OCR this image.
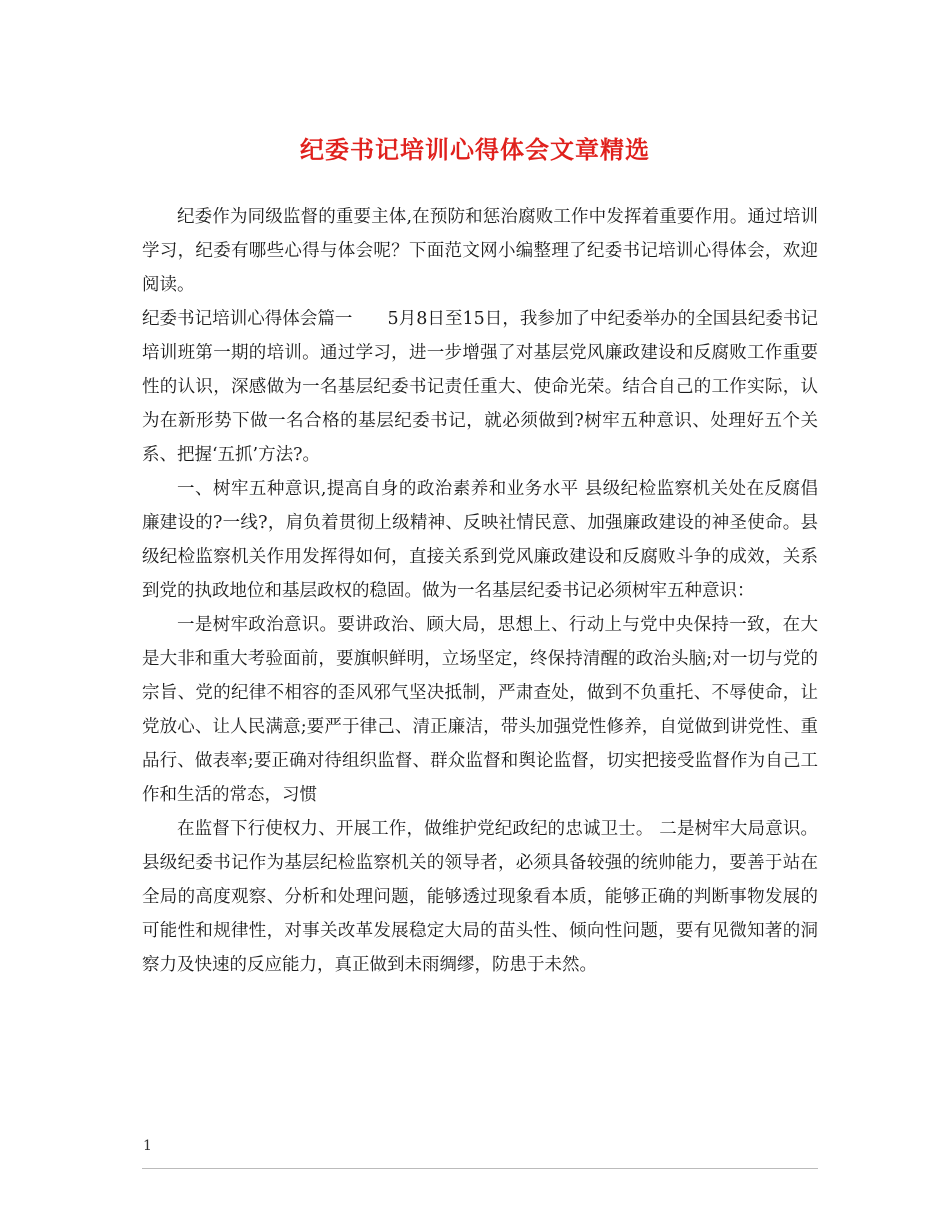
纪委书记培训心得体会文章精选

纪委作为同级监督的重要主体,在预防和惩治腐败工作中发挥着重要作用。通过培训学习，纪委有哪些心得与体会呢？下面范文网小编整理了纪委书记培训心得体会，欢迎阅读。

纪委书记培训心得体会篇一　　5月8日至15日，我参加了中纪委举办的全国县纪委书记培训班第一期的培训。通过学习，进一步增强了对基层党风廉政建设和反腐败工作重要性的认识，深感做为一名基层纪委书记责任重大、使命光荣。结合自己的工作实际，认为在新形势下做一名合格的基层纪委书记，就必须做到?树牢五种意识、处理好五个关系、把握‘五抓’方法?。

一、树牢五种意识,提高自身的政治素养和业务水平 县级纪检监察机关处在反腐倡廉建设的?一线?，肩负着贯彻上级精神、反映社情民意、加强廉政建设的神圣使命。县级纪检监察机关作用发挥得如何，直接关系到党风廉政建设和反腐败斗争的成效，关系到党的执政地位和基层政权的稳固。做为一名基层纪委书记必须树牢五种意识：

一是树牢政治意识。要讲政治、顾大局，思想上、行动上与党中央保持一致，在大是大非和重大考验面前，要旗帜鲜明，立场坚定，终保持清醒的政治头脑;对一切与党的宗旨、党的纪律不相容的歪风邪气坚决抵制，严肃查处，做到不负重托、不辱使命，让党放心、让人民满意;要严于律己、清正廉洁，带头加强党性修养，自觉做到讲党性、重品行、做表率;要正确对待组织监督、群众监督和舆论监督，切实把接受监督作为自己工作和生活的常态，习惯

在监督下行使权力、开展工作，做维护党纪政纪的忠诚卫士。 二是树牢大局意识。县级纪委书记作为基层纪检监察机关的领导者，必须具备较强的统帅能力，要善于站在全局的高度观察、分析和处理问题，能够透过现象看本质，能够正确的判断事物发展的可能性和规律性，对事关改革发展稳定大局的苗头性、倾向性问题，要有见微知著的洞察力及快速的反应能力，真正做到未雨绸缪，防患于未然。

1
